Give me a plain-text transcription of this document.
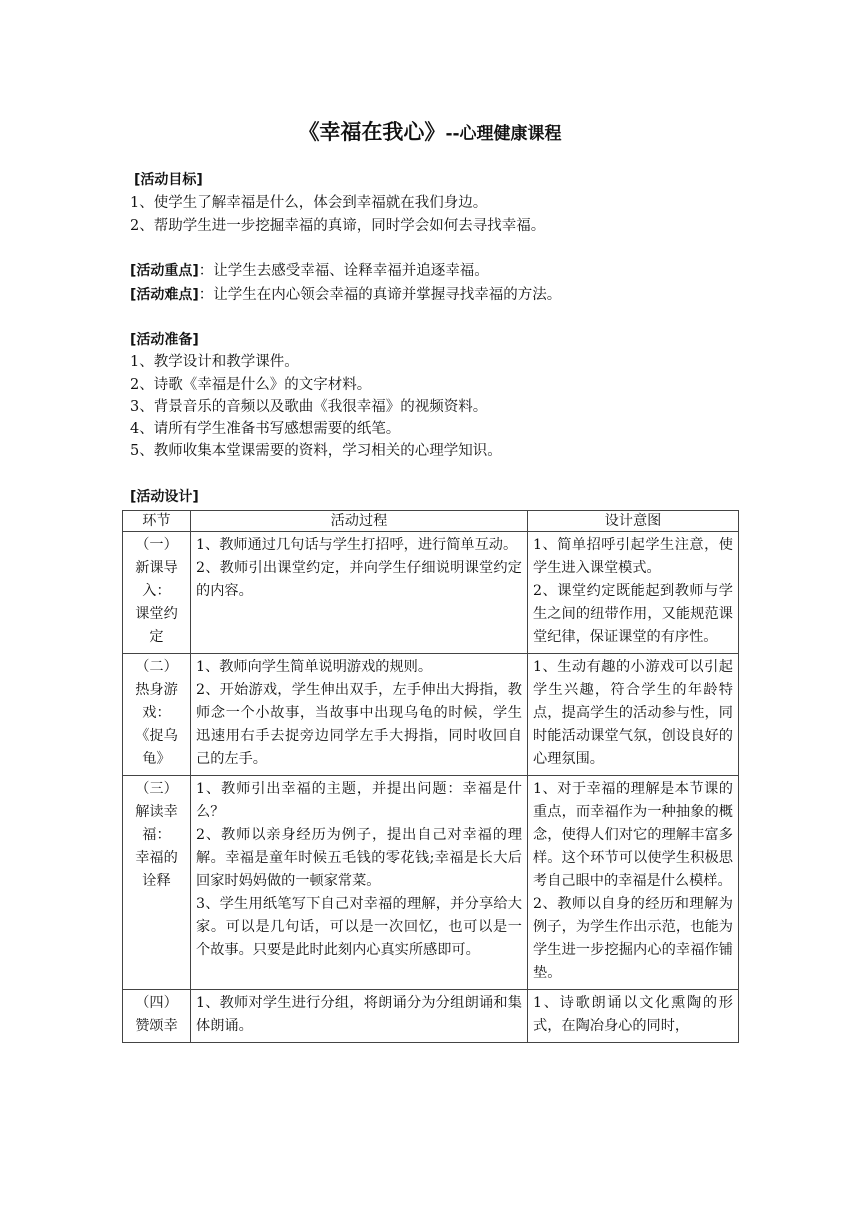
《幸福在我心》--心理健康课程
[活动目标]
1、使学生了解幸福是什么，体会到幸福就在我们身边。
2、帮助学生进一步挖掘幸福的真谛，同时学会如何去寻找幸福。
[活动重点]：让学生去感受幸福、诠释幸福并追逐幸福。
[活动难点]：让学生在内心领会幸福的真谛并掌握寻找幸福的方法。
[活动准备]
1、教学设计和教学课件。
2、诗歌《幸福是什么》的文字材料。
3、背景音乐的音频以及歌曲《我很幸福》的视频资料。
4、请所有学生准备书写感想需要的纸笔。
5、教师收集本堂课需要的资料，学习相关的心理学知识。
[活动设计]
环节	活动过程	设计意图

（一）
新课导
入：
课堂约
定	1、教师通过几句话与学生打招呼，进行简单互动。
2、教师引出课堂约定，并向学生仔细说明课堂约定的内容。	1、简单招呼引起学生注意，使学生进入课堂模式。
2、课堂约定既能起到教师与学生之间的纽带作用，又能规范课堂纪律，保证课堂的有序性。

（二）
热身游
戏：
《捉乌
龟》	1、教师向学生简单说明游戏的规则。
2、开始游戏，学生伸出双手，左手伸出大拇指，教师念一个小故事，当故事中出现乌龟的时候，学生迅速用右手去捉旁边同学左手大拇指，同时收回自己的左手。	1、生动有趣的小游戏可以引起学生兴趣，符合学生的年龄特点，提高学生的活动参与性，同时能活动课堂气氛，创设良好的心理氛围。

（三）
解读幸
福：
幸福的
诠释	1、教师引出幸福的主题，并提出问题：幸福是什么？
2、教师以亲身经历为例子，提出自己对幸福的理解。幸福是童年时候五毛钱的零花钱;幸福是长大后回家时妈妈做的一顿家常菜。
3、学生用纸笔写下自己对幸福的理解，并分享给大家。可以是几句话，可以是一次回忆，也可以是一个故事。只要是此时此刻内心真实所感即可。	1、对于幸福的理解是本节课的重点，而幸福作为一种抽象的概念，使得人们对它的理解丰富多样。这个环节可以使学生积极思考自己眼中的幸福是什么模样。
2、教师以自身的经历和理解为例子，为学生作出示范，也能为学生进一步挖掘内心的幸福作铺垫。

（四）
赞颂幸	1、教师对学生进行分组，将朗诵分为分组朗诵和集体朗诵。	1、诗歌朗诵以文化熏陶的形式，在陶冶身心的同时，
